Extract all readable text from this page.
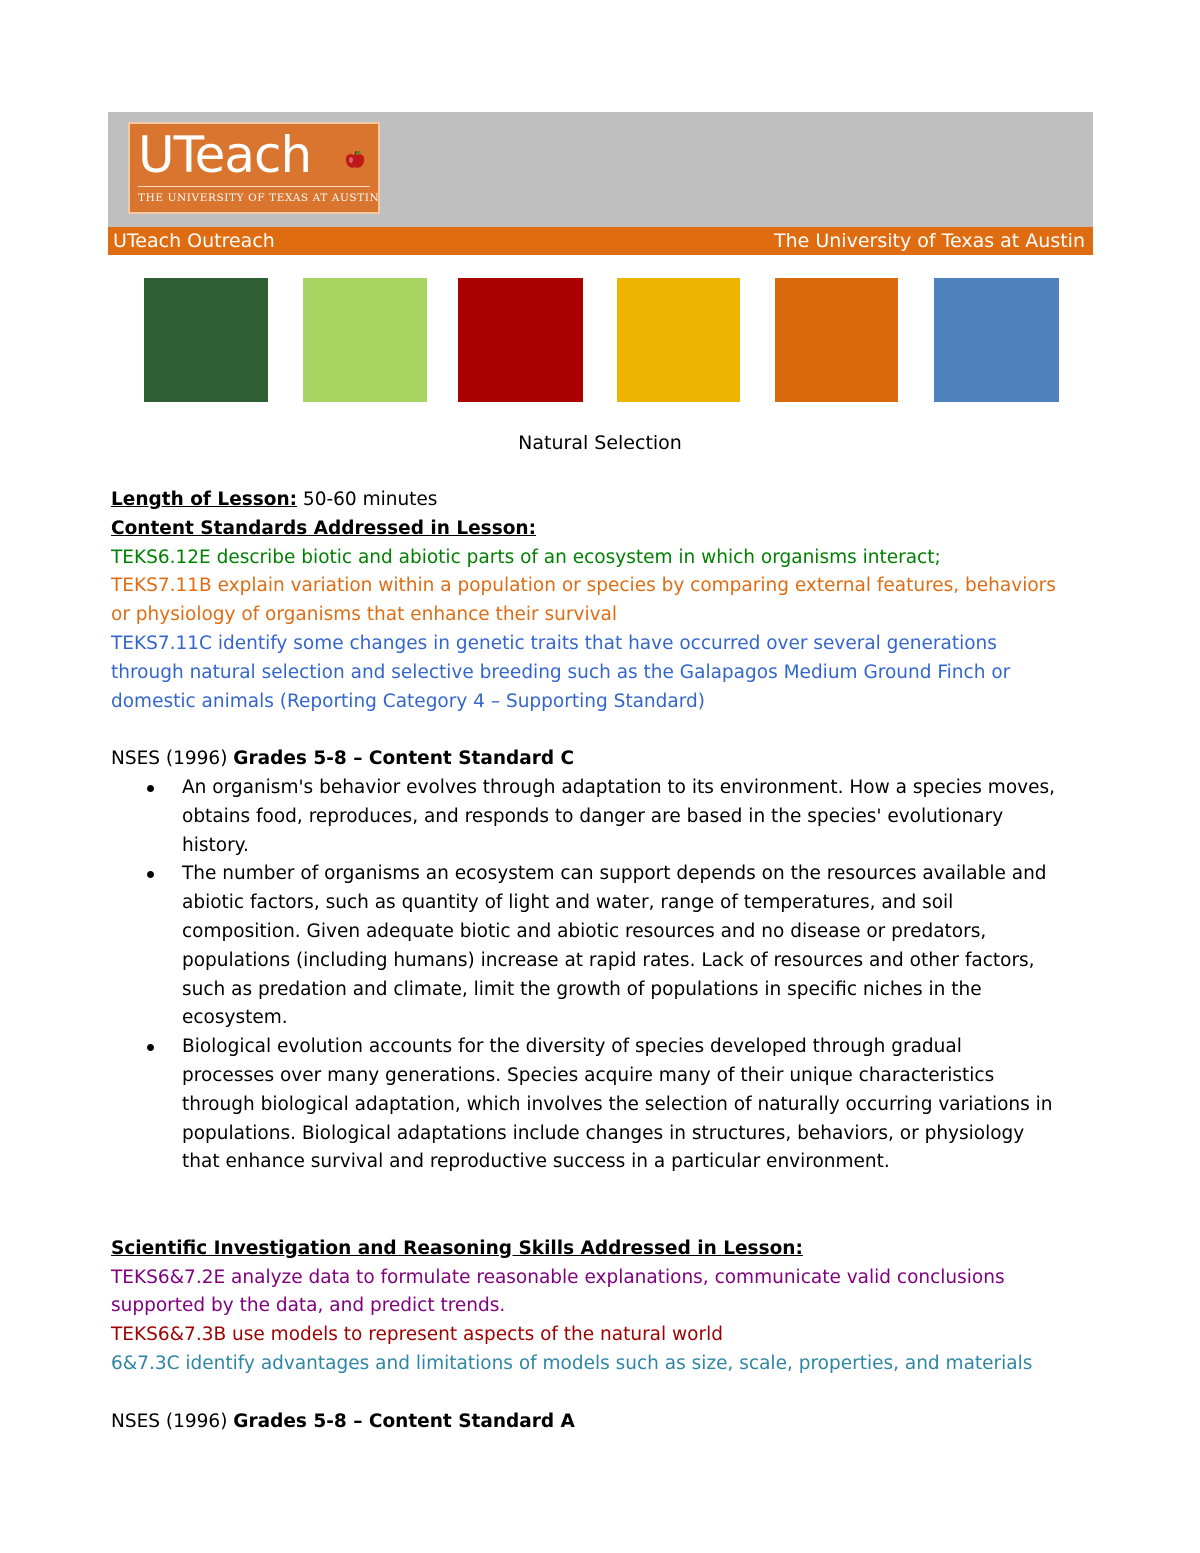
UTeach
THE UNIVERSITY OF TEXAS AT AUSTIN
UTeach Outreach	The University of Texas at Austin
Natural Selection

Length of Lesson: 50-60 minutes

Content Standards Addressed in Lesson:

TEKS6.12E describe biotic and abiotic parts of an ecosystem in which organisms interact;

TEKS7.11B explain variation within a population or species by comparing external features, behaviors

or physiology of organisms that enhance their survival

TEKS7.11C identify some changes in genetic traits that have occurred over several generations

through natural selection and selective breeding such as the Galapagos Medium Ground Finch or

domestic animals (Reporting Category 4 – Supporting Standard)

NSES (1996) Grades 5-8 – Content Standard C

An organism's behavior evolves through adaptation to its environment. How a species moves,

obtains food, reproduces, and responds to danger are based in the species' evolutionary

history.

The number of organisms an ecosystem can support depends on the resources available and

abiotic factors, such as quantity of light and water, range of temperatures, and soil

composition. Given adequate biotic and abiotic resources and no disease or predators,

populations (including humans) increase at rapid rates. Lack of resources and other factors,

such as predation and climate, limit the growth of populations in specific niches in the

ecosystem.

Biological evolution accounts for the diversity of species developed through gradual

processes over many generations. Species acquire many of their unique characteristics

through biological adaptation, which involves the selection of naturally occurring variations in

populations. Biological adaptations include changes in structures, behaviors, or physiology

that enhance survival and reproductive success in a particular environment.

Scientific Investigation and Reasoning Skills Addressed in Lesson:

TEKS6&7.2E analyze data to formulate reasonable explanations, communicate valid conclusions

supported by the data, and predict trends.

TEKS6&7.3B use models to represent aspects of the natural world

6&7.3C identify advantages and limitations of models such as size, scale, properties, and materials

NSES (1996) Grades 5-8 – Content Standard A
